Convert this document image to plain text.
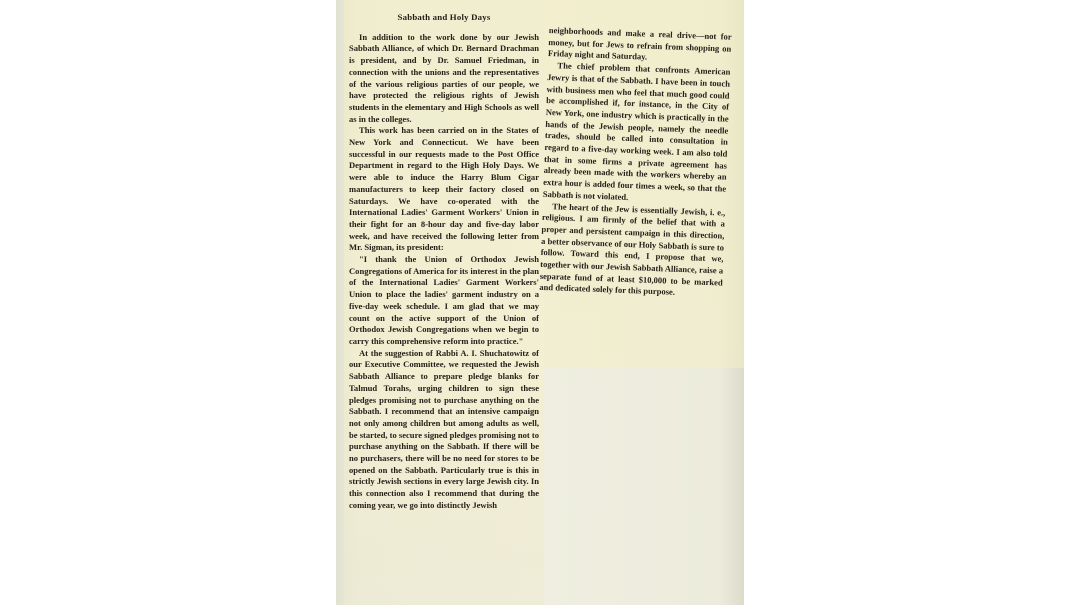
Sabbath and Holy Days

In addition to the work done by our Jewish Sabbath Alliance, of which Dr. Bernard Drachman is president, and by Dr. Samuel Friedman, in connection with the unions and the representatives of the various religious parties of our people, we have protected the religious rights of Jewish students in the elementary and High Schools as well as in the colleges.

This work has been carried on in the States of New York and Connecticut. We have been successful in our requests made to the Post Office Department in regard to the High Holy Days. We were able to induce the Harry Blum Cigar manufacturers to keep their factory closed on Saturdays. We have co-operated with the International Ladies' Garment Workers' Union in their fight for an 8-hour day and five-day labor week, and have received the following letter from Mr. Sigman, its president:

"I thank the Union of Orthodox Jewish Congregations of America for its interest in the plan of the International Ladies' Garment Workers' Union to place the ladies' garment industry on a five-day week schedule. I am glad that we may count on the active support of the Union of Orthodox Jewish Congregations when we begin to carry this comprehensive reform into practice."

At the suggestion of Rabbi A. I. Shuchatowitz of our Executive Committee, we requested the Jewish Sabbath Alliance to prepare pledge blanks for Talmud Torahs, urging children to sign these pledges promising not to purchase anything on the Sabbath. I recommend that an intensive campaign not only among children but among adults as well, be started, to secure signed pledges promising not to purchase anything on the Sabbath. If there will be no purchasers, there will be no need for stores to be opened on the Sabbath. Particularly true is this in strictly Jewish sections in every large Jewish city. In this connection also I recommend that during the coming year, we go into distinctly Jewish

neighborhoods and make a real drive—not for money, but for Jews to refrain from shopping on Friday night and Saturday.

The chief problem that confronts American Jewry is that of the Sabbath. I have been in touch with business men who feel that much good could be accomplished if, for instance, in the City of New York, one industry which is practically in the hands of the Jewish people, namely the needle trades, should be called into consultation in regard to a five-day working week. I am also told that in some firms a private agreement has already been made with the workers whereby an extra hour is added four times a week, so that the Sabbath is not violated.

The heart of the Jew is essentially Jewish, i. e., religious. I am firmly of the belief that with a proper and persistent campaign in this direction, a better observance of our Holy Sabbath is sure to follow. Toward this end, I propose that we, together with our Jewish Sabbath Alliance, raise a separate fund of at least $10,000 to be marked and dedicated solely for this purpose.
